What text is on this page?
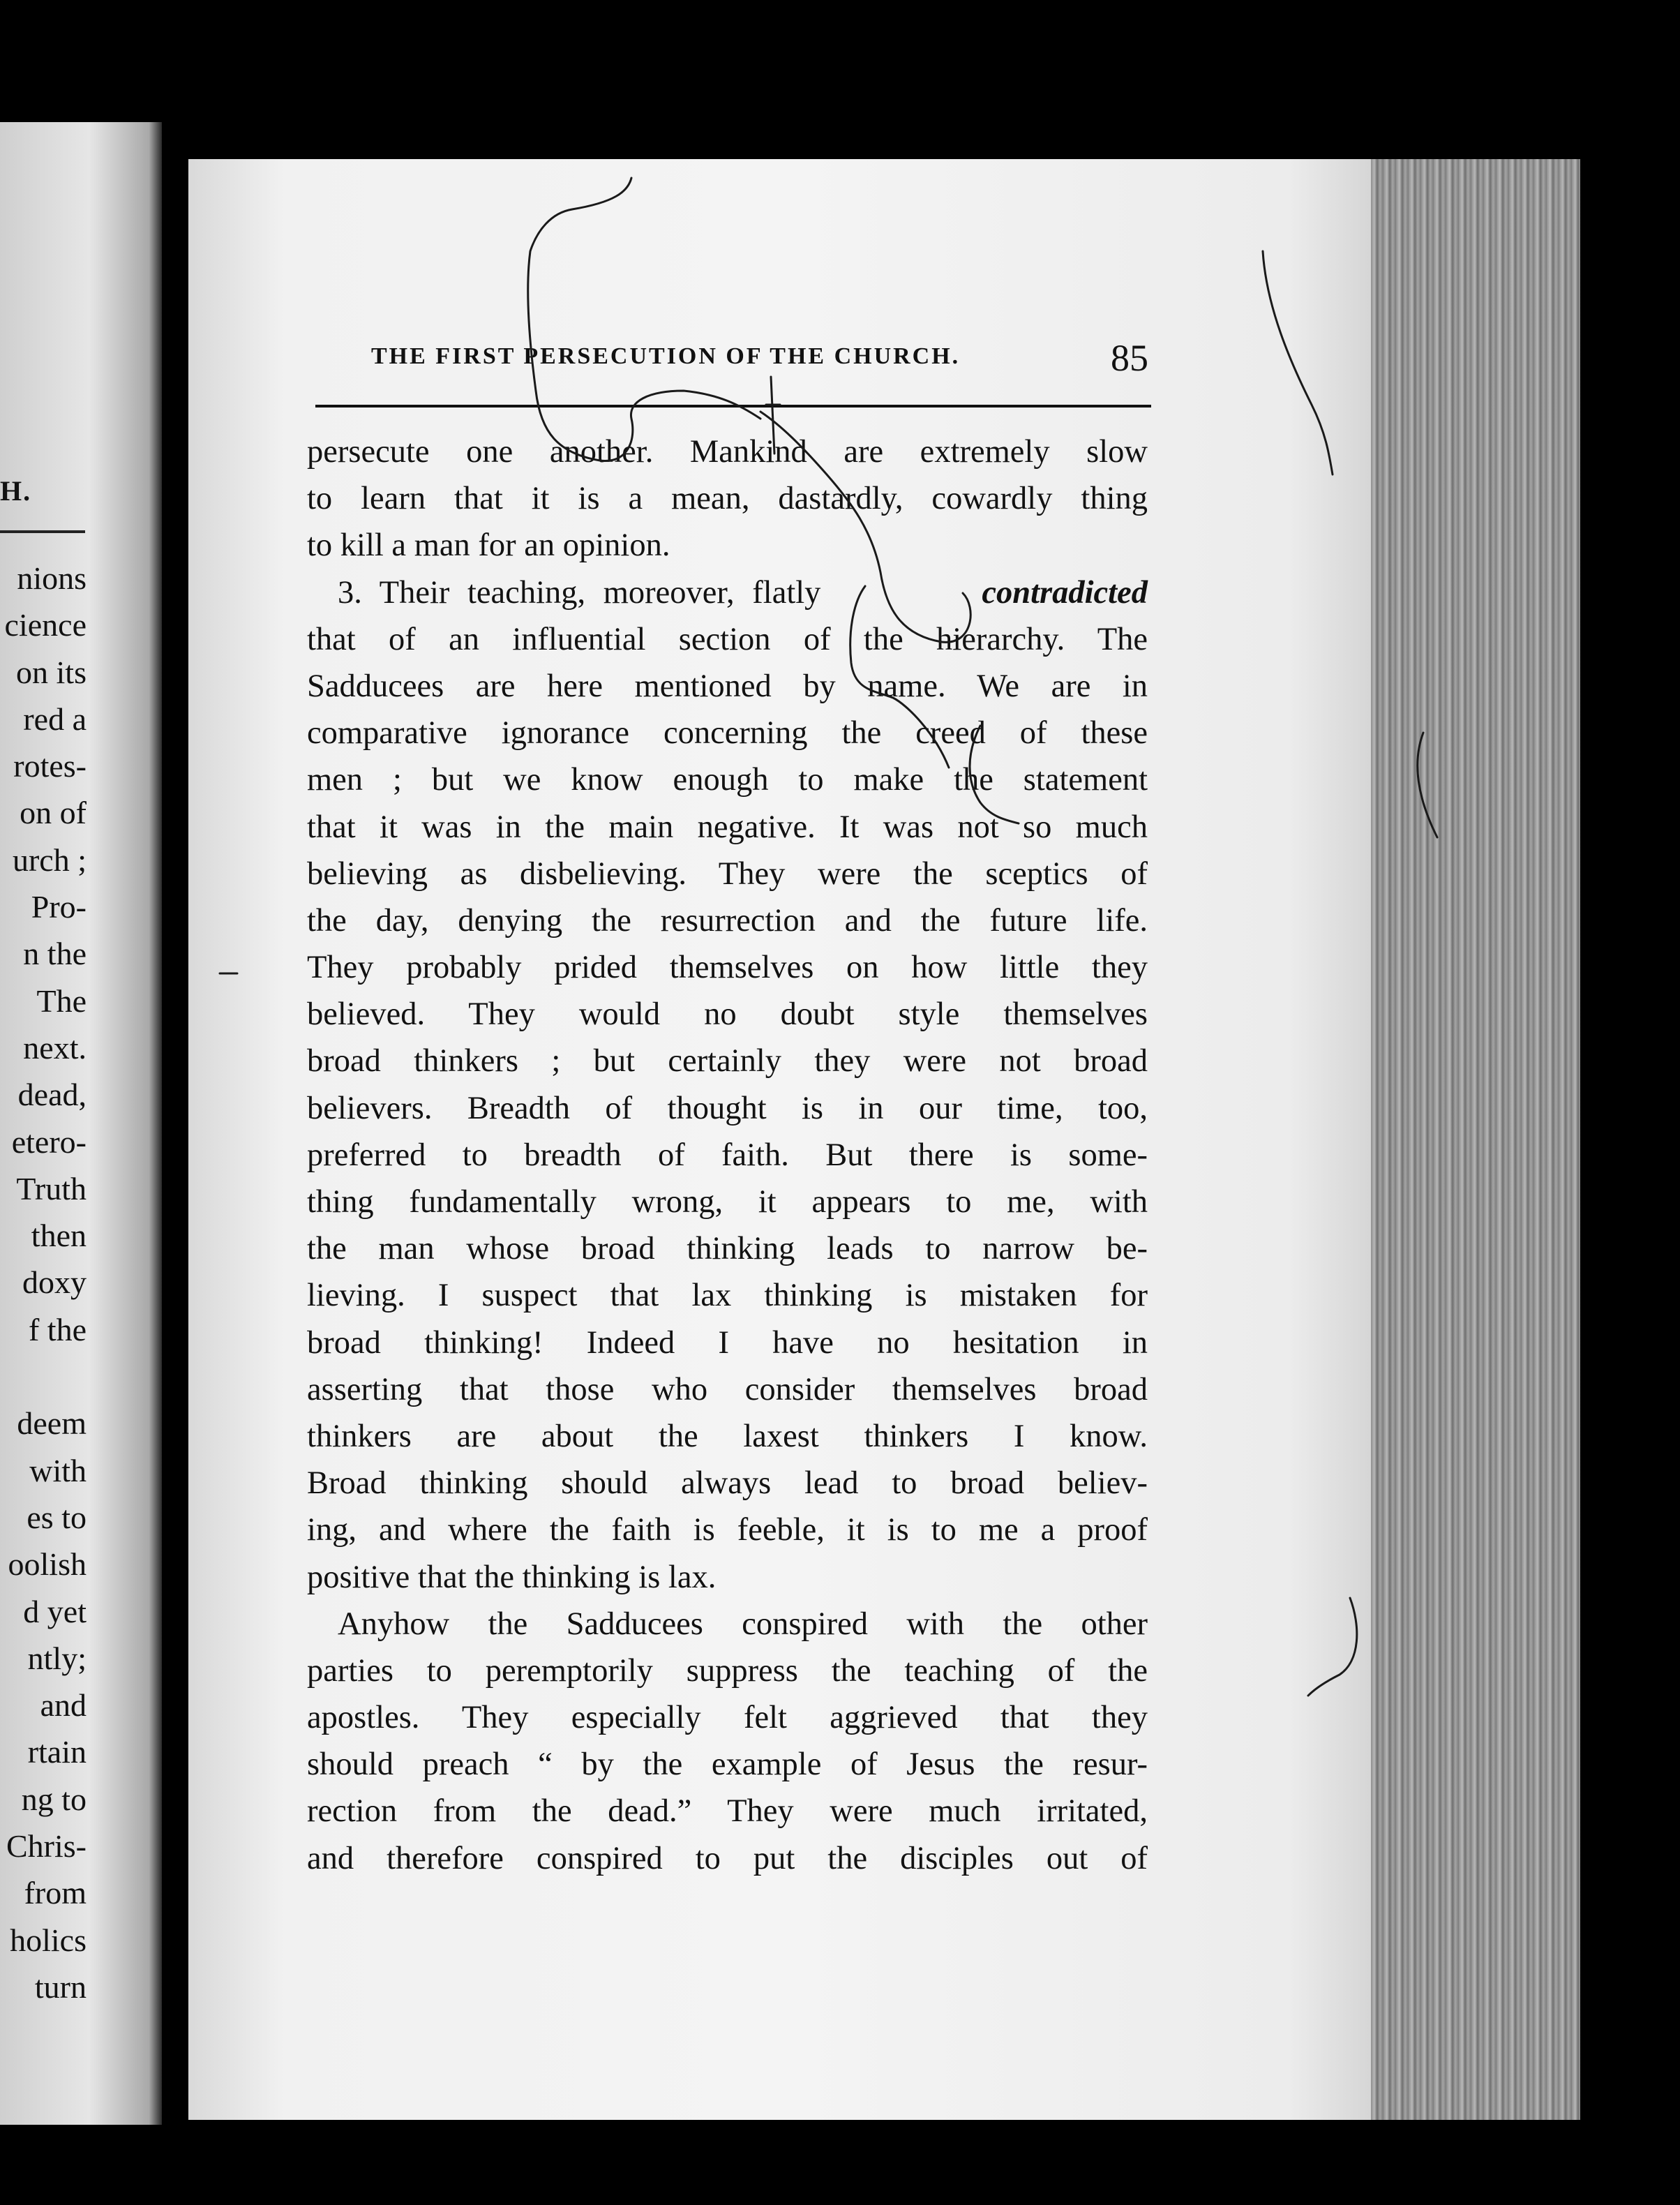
H.
nions
cience
on its
red a
rotes-
on of
urch ;
Pro-
n the
The
next.
dead,
etero-
Truth
then
doxy
f the

deem
with
es to
oolish
d yet
ntly;
and
rtain
ng to
Chris-
from
holics
turn
THE FIRST PERSECUTION OF THE CHURCH.	85
persecute one another. Mankind are extremely slow
to learn that it is a mean, dastardly, cowardly thing
to kill a man for an opinion.
3. Their teaching, moreover, flatly	contradicted
that of an influential section of the hierarchy. The
Sadducees are here mentioned by name. We are in
comparative ignorance concerning the creed of these
men ; but we know enough to make the statement
that it was in the main negative. It was not so much
believing as disbelieving. They were the sceptics of
the day, denying the resurrection and the future life.
They probably prided themselves on how little they
believed. They would no doubt style themselves
broad thinkers ; but certainly they were not broad
believers. Breadth of thought is in our time, too,
preferred to breadth of faith. But there is some-
thing fundamentally wrong, it appears to me, with
the man whose broad thinking leads to narrow be-
lieving. I suspect that lax thinking is mistaken for
broad thinking! Indeed I have no hesitation in
asserting that those who consider themselves broad
thinkers are about the laxest thinkers I know.
Broad thinking should always lead to broad believ-
ing, and where the faith is feeble, it is to me a proof
positive that the thinking is lax.
Anyhow the Sadducees conspired with the other
parties to peremptorily suppress the teaching of the
apostles. They especially felt aggrieved that they
should preach “ by the example of Jesus the resur-
rection from the dead.” They were much irritated,
and therefore conspired to put the disciples out of
